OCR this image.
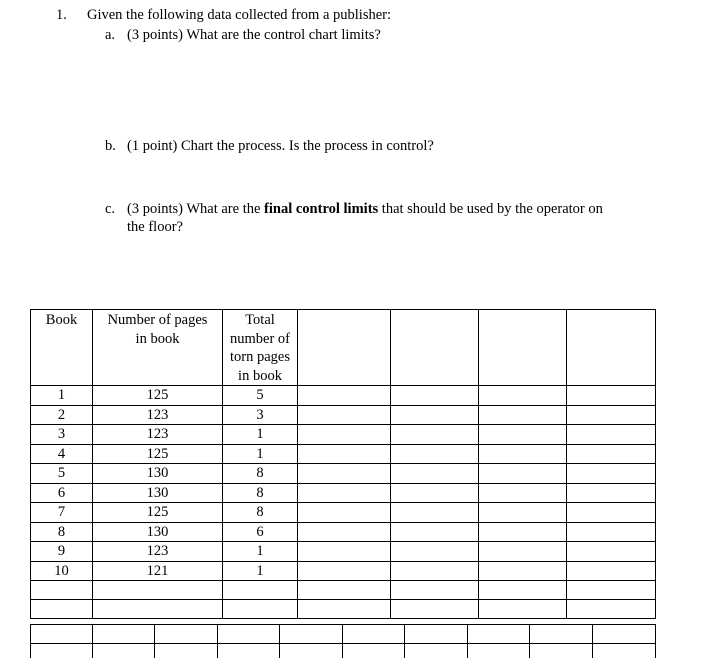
1. Given the following data collected from a publisher:
a. (3 points) What are the control chart limits?
b. (1 point) Chart the process. Is the process in control?
c. (3 points) What are the final control limits that should be used by the operator on
the floor?
Book	Number of pages in book	Total number of torn pages in book				

1	125	5				
2	123	3				
3	123	1				
4	125	1				
5	130	8				
6	130	8				
7	125	8				
8	130	6				
9	123	1				
10	121	1				
